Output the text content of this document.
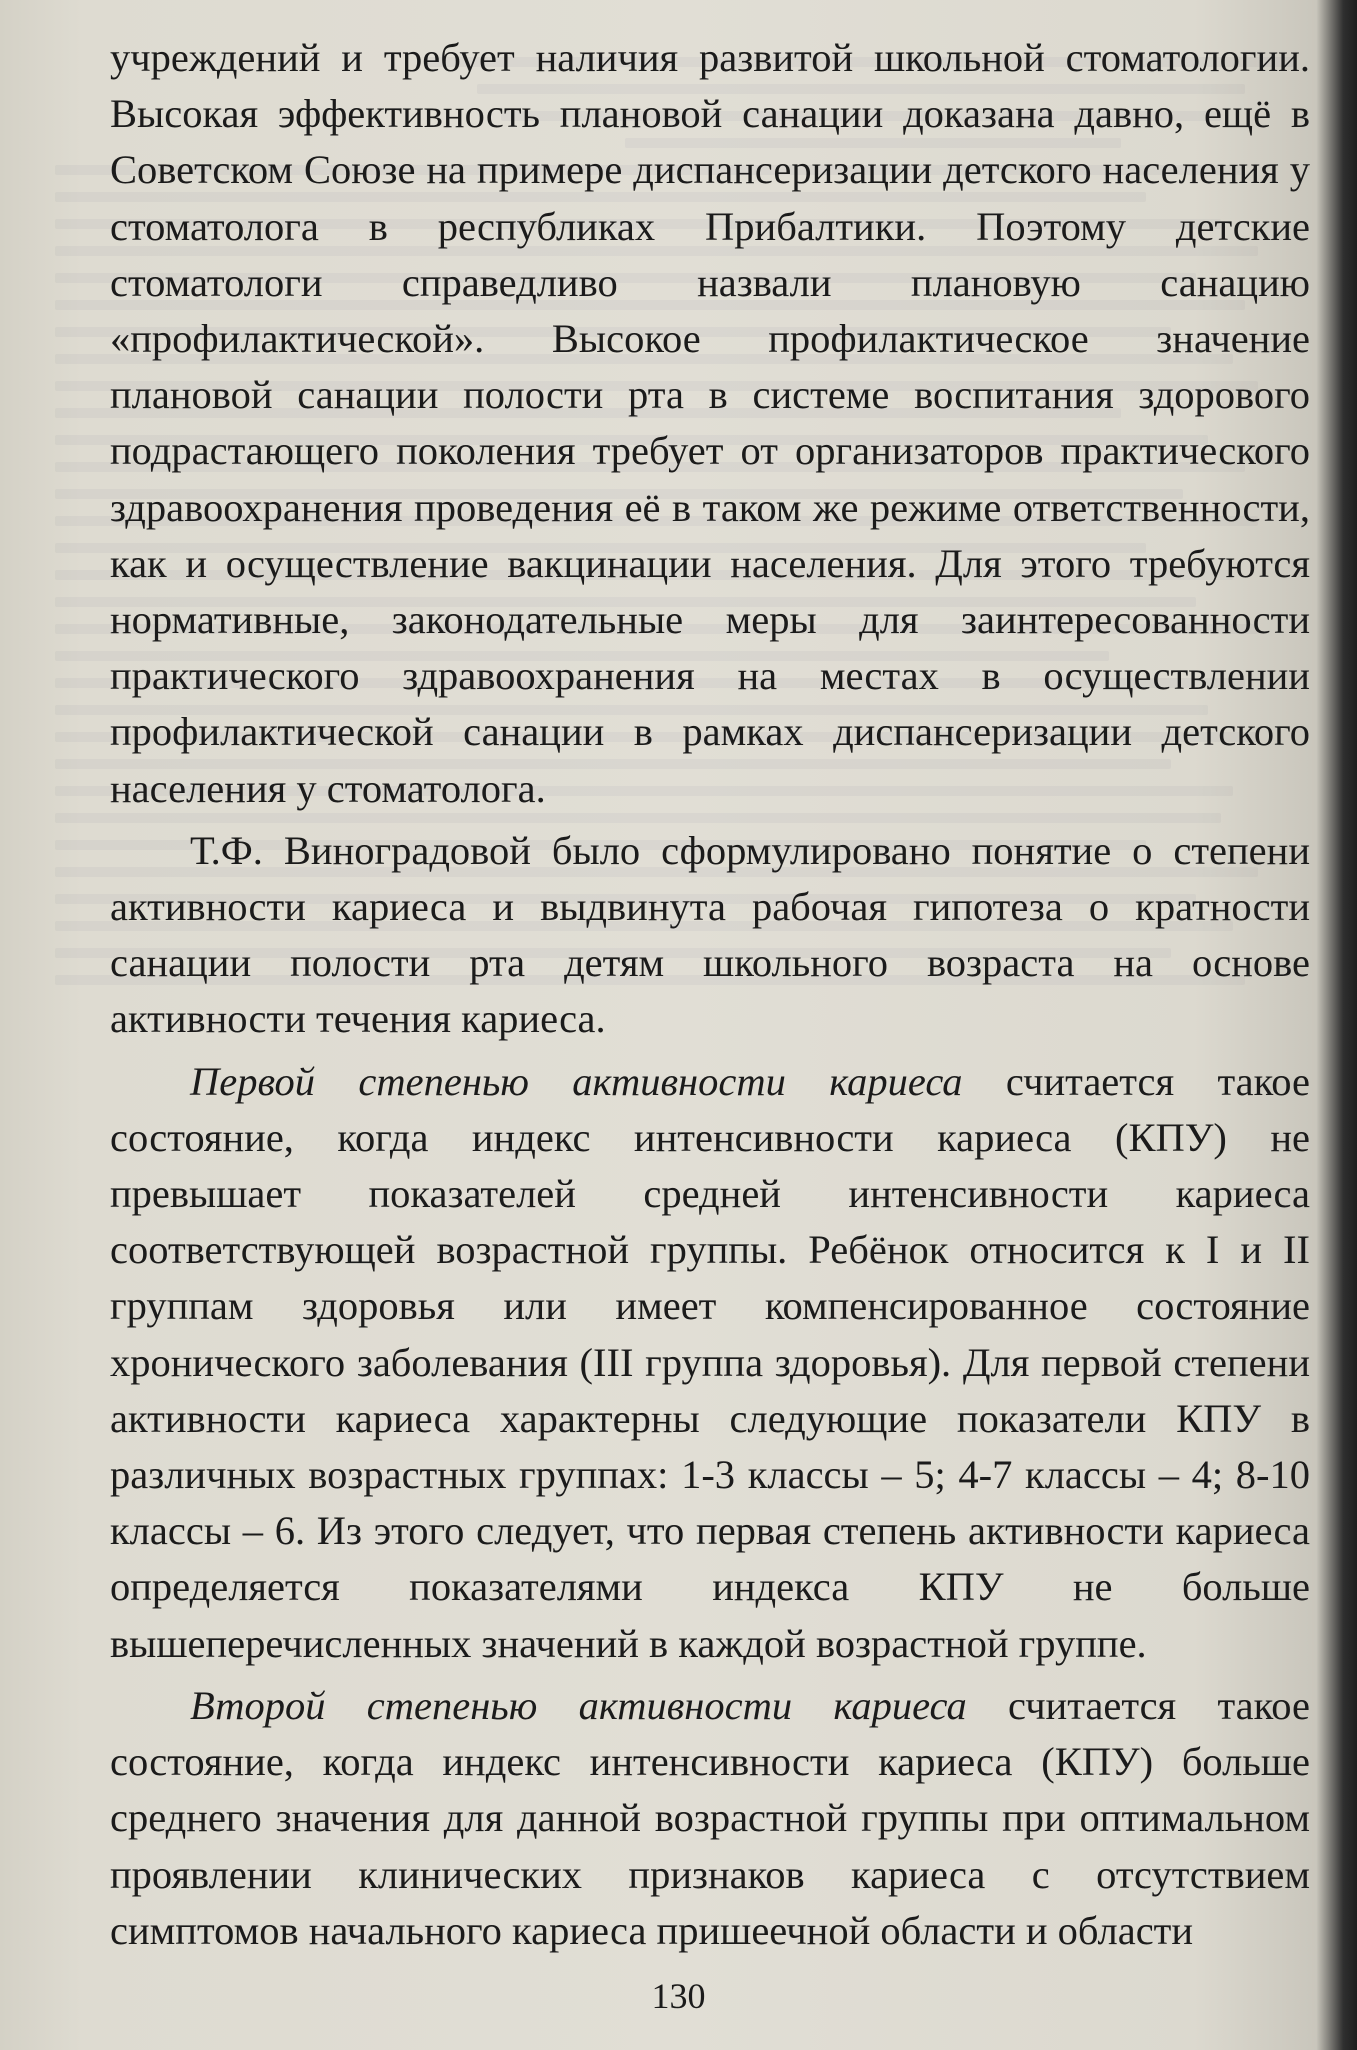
учреждений и требует наличия развитой школьной стоматологии. Высокая эффективность плановой санации доказана давно, ещё в Советском Союзе на примере диспансеризации детского населения у стоматолога в республиках Прибалтики. Поэтому детские стоматологи справедливо назвали плановую санацию «профилактической». Высокое профилактическое значение плановой санации полости рта в системе воспитания здорового подрастающего поколения требует от организаторов практического здравоохранения проведения её в таком же режиме ответственности, как и осуществление вакцинации населения. Для этого требуются нормативные, законодательные меры для заинтересованности практического здравоохранения на местах в осуществлении профилактической санации в рамках диспансеризации детского населения у стоматолога.

Т.Ф. Виноградовой было сформулировано понятие о степени активности кариеса и выдвинута рабочая гипотеза о кратности санации полости рта детям школьного возраста на основе активности течения кариеса.

Первой степенью активности кариеса считается такое состояние, когда индекс интенсивности кариеса (КПУ) не превышает показателей средней интенсивности кариеса соответствующей возрастной группы. Ребёнок относится к I и II группам здоровья или имеет компенсированное состояние хронического заболевания (III группа здоровья). Для первой степени активности кариеса характерны следующие показатели КПУ в различных возрастных группах: 1-3 классы – 5; 4-7 классы – 4; 8-10 классы – 6. Из этого следует, что первая степень активности кариеса определяется показателями индекса КПУ не больше вышеперечисленных значений в каждой возрастной группе.

Второй степенью активности кариеса считается такое состояние, когда индекс интенсивности кариеса (КПУ) больше среднего значения для данной возрастной группы при оптимальном проявлении клинических признаков кариеса с отсутствием симптомов начального кариеса пришеечной области и области

130
